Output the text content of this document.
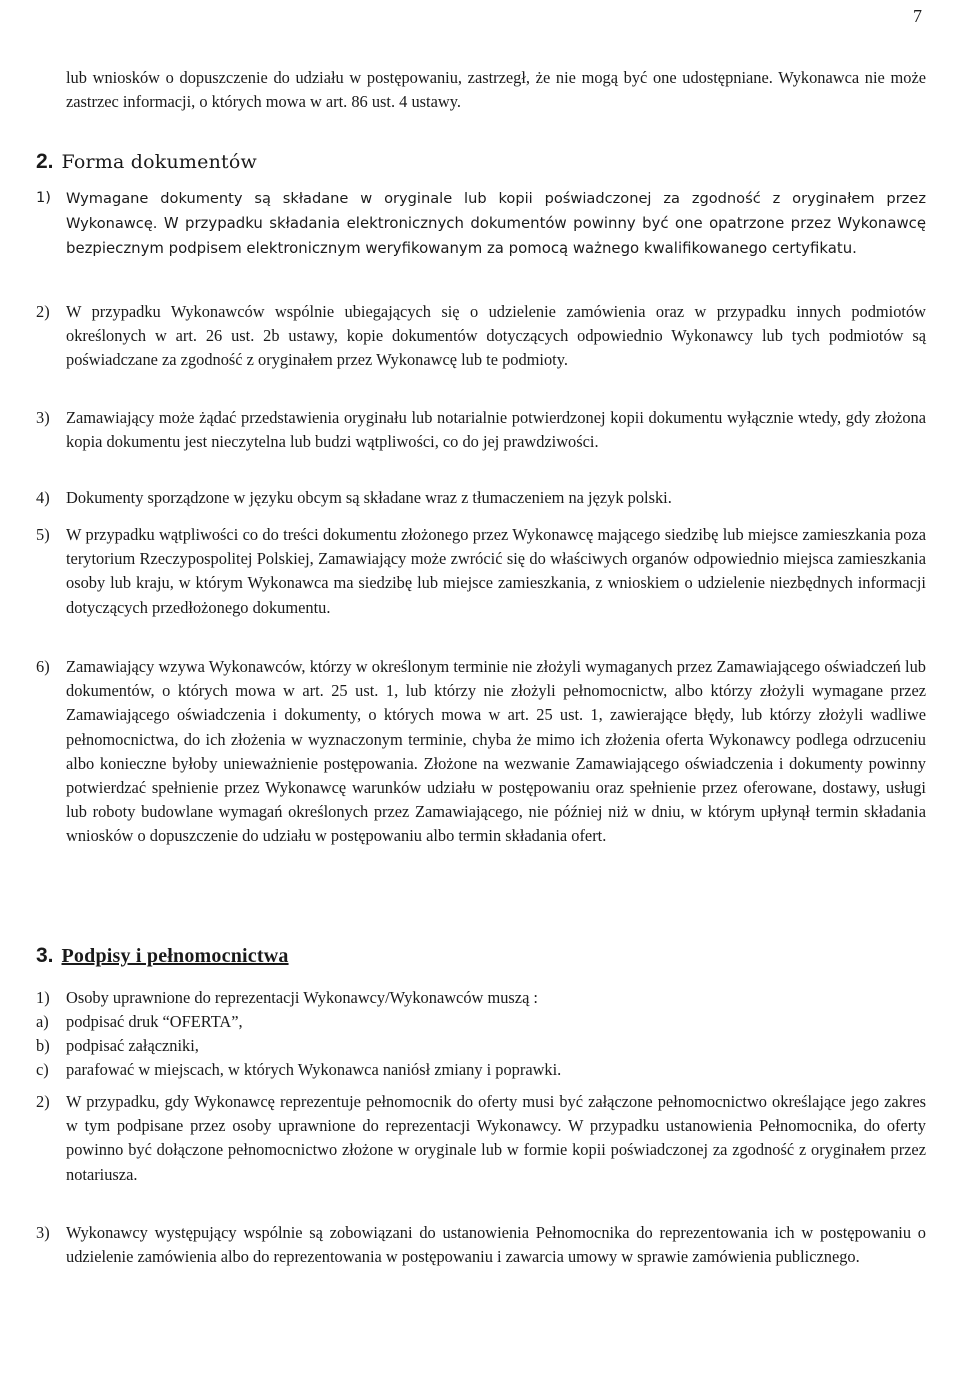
7

lub wniosków o dopuszczenie do udziału w postępowaniu, zastrzegł, że nie mogą być one udostępniane. Wykonawca nie może zastrzec informacji, o których mowa w art. 86 ust. 4 ustawy.

2. Forma dokumentów
1)	Wymagane dokumenty są składane w oryginale lub kopii poświadczonej za zgodność z oryginałem przez Wykonawcę. W przypadku składania elektronicznych dokumentów powinny być one opatrzone przez Wykonawcę bezpiecznym podpisem elektronicznym weryfikowanym za pomocą ważnego kwalifikowanego certyfikatu.
2) W przypadku Wykonawców wspólnie ubiegających się o udzielenie zamówienia oraz w przypadku innych podmiotów określonych w art. 26 ust. 2b ustawy, kopie dokumentów dotyczących odpowiednio Wykonawcy lub tych podmiotów są poświadczane za zgodność z oryginałem przez Wykonawcę lub te podmioty.
3) Zamawiający może żądać przedstawienia oryginału lub notarialnie potwierdzonej kopii dokumentu wyłącznie wtedy, gdy złożona kopia dokumentu jest nieczytelna lub budzi wątpliwości, co do jej prawdziwości.
4) Dokumenty sporządzone w języku obcym są składane wraz z tłumaczeniem na język polski.
5) W przypadku wątpliwości co do treści dokumentu złożonego przez Wykonawcę mającego siedzibę lub miejsce zamieszkania poza terytorium Rzeczypospolitej Polskiej, Zamawiający może zwrócić się do właściwych organów odpowiednio miejsca zamieszkania osoby lub kraju, w którym Wykonawca ma siedzibę lub miejsce zamieszkania, z wnioskiem o udzielenie niezbędnych informacji dotyczących przedłożonego dokumentu.
6) Zamawiający wzywa Wykonawców, którzy w określonym terminie nie złożyli wymaganych przez Zamawiającego oświadczeń lub dokumentów, o których mowa w art. 25 ust. 1, lub którzy nie złożyli pełnomocnictw, albo którzy złożyli wymagane przez Zamawiającego oświadczenia i dokumenty, o których mowa w art. 25 ust. 1, zawierające błędy, lub którzy złożyli wadliwe pełnomocnictwa, do ich złożenia w wyznaczonym terminie, chyba że mimo ich złożenia oferta Wykonawcy podlega odrzuceniu albo konieczne byłoby unieważnienie postępowania. Złożone na wezwanie Zamawiającego oświadczenia i dokumenty powinny potwierdzać spełnienie przez Wykonawcę warunków udziału w postępowaniu oraz spełnienie przez oferowane, dostawy, usługi lub roboty budowlane wymagań określonych przez Zamawiającego, nie później niż w dniu, w którym upłynął termin składania wniosków o dopuszczenie do udziału w postępowaniu albo termin składania ofert.
3. Podpisy i pełnomocnictwa
1) Osoby uprawnione do reprezentacji Wykonawcy/Wykonawców muszą :
a) podpisać druk “OFERTA”,
b) podpisać załączniki,
c) parafować w miejscach, w których Wykonawca naniósł zmiany i poprawki.
2) W przypadku, gdy Wykonawcę reprezentuje pełnomocnik do oferty musi być załączone pełnomocnictwo określające jego zakres w tym podpisane przez osoby uprawnione do reprezentacji Wykonawcy. W przypadku ustanowienia Pełnomocnika, do oferty powinno być dołączone pełnomocnictwo złożone w oryginale lub w formie kopii poświadczonej za zgodność z oryginałem przez notariusza.
3) Wykonawcy występujący wspólnie są zobowiązani do ustanowienia Pełnomocnika do reprezentowania ich w postępowaniu o udzielenie zamówienia albo do reprezentowania w postępowaniu i zawarcia umowy w sprawie zamówienia publicznego.
